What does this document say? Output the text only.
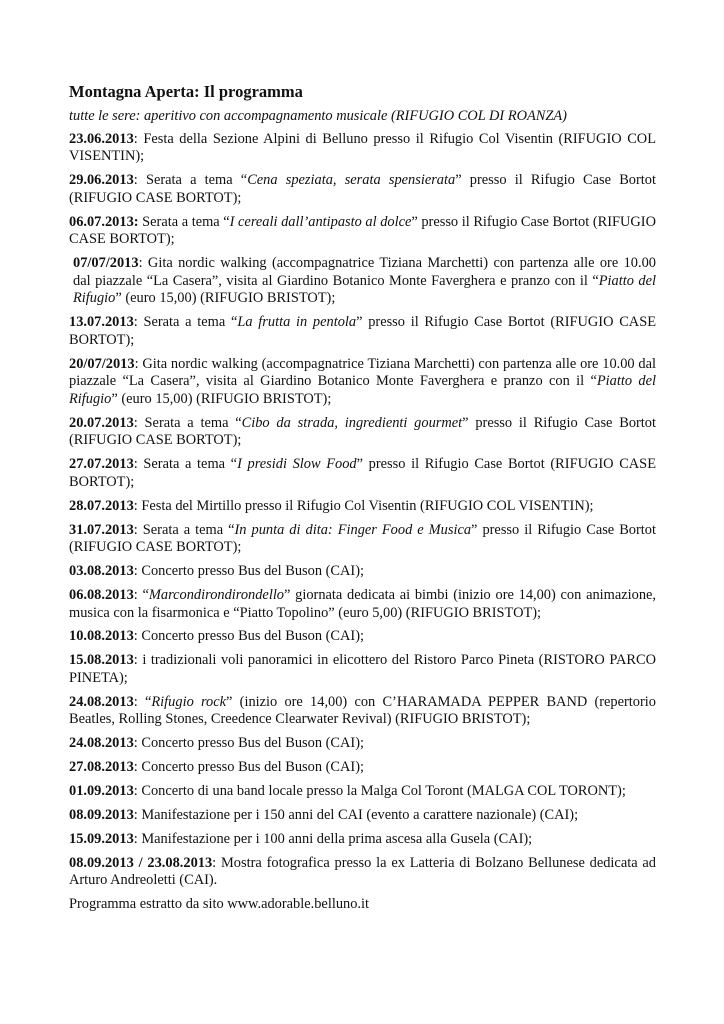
Montagna Aperta: Il programma

tutte le sere: aperitivo con accompagnamento musicale (RIFUGIO COL DI ROANZA)

23.06.2013: Festa della Sezione Alpini di Belluno presso il Rifugio Col Visentin (RIFUGIO COL VISENTIN);

29.06.2013: Serata a tema “Cena speziata, serata spensierata” presso il Rifugio Case Bortot (RIFUGIO CASE BORTOT);

06.07.2013: Serata a tema “I cereali dall’antipasto al dolce” presso il Rifugio Case Bortot (RIFUGIO CASE BORTOT);

07/07/2013: Gita nordic walking (accompagnatrice Tiziana Marchetti) con partenza alle ore 10.00 dal piazzale “La Casera”, visita al Giardino Botanico Monte Faverghera e pranzo con il “Piatto del Rifugio” (euro 15,00) (RIFUGIO BRISTOT);

13.07.2013: Serata a tema “La frutta in pentola” presso il Rifugio Case Bortot (RIFUGIO CASE BORTOT);

20/07/2013: Gita nordic walking (accompagnatrice Tiziana Marchetti) con partenza alle ore 10.00 dal piazzale “La Casera”, visita al Giardino Botanico Monte Faverghera e pranzo con il “Piatto del Rifugio” (euro 15,00) (RIFUGIO BRISTOT);

20.07.2013: Serata a tema “Cibo da strada, ingredienti gourmet” presso il Rifugio Case Bortot (RIFUGIO CASE BORTOT);

27.07.2013: Serata a tema “I presidi Slow Food” presso il Rifugio Case Bortot (RIFUGIO CASE BORTOT);

28.07.2013: Festa del Mirtillo presso il Rifugio Col Visentin (RIFUGIO COL VISENTIN);

31.07.2013: Serata a tema “In punta di dita: Finger Food e Musica” presso il Rifugio Case Bortot (RIFUGIO CASE BORTOT);

03.08.2013: Concerto presso Bus del Buson (CAI);

06.08.2013: “Marcondirondirondello” giornata dedicata ai bimbi (inizio ore 14,00) con animazione, musica con la fisarmonica e “Piatto Topolino” (euro 5,00) (RIFUGIO BRISTOT);

10.08.2013: Concerto presso Bus del Buson (CAI);

15.08.2013: i tradizionali voli panoramici in elicottero del Ristoro Parco Pineta (RISTORO PARCO PINETA);

24.08.2013: “Rifugio rock” (inizio ore 14,00) con C’HARAMADA PEPPER BAND (repertorio Beatles, Rolling Stones, Creedence Clearwater Revival) (RIFUGIO BRISTOT);

24.08.2013: Concerto presso Bus del Buson (CAI);

27.08.2013: Concerto presso Bus del Buson (CAI);

01.09.2013: Concerto di una band locale presso la Malga Col Toront (MALGA COL TORONT);

08.09.2013: Manifestazione per i 150 anni del CAI (evento a carattere nazionale) (CAI);

15.09.2013: Manifestazione per i 100 anni della prima ascesa alla Gusela (CAI);

08.09.2013 / 23.08.2013: Mostra fotografica presso la ex Latteria di Bolzano Bellunese dedicata ad Arturo Andreoletti (CAI).

Programma estratto da sito www.adorable.belluno.it
